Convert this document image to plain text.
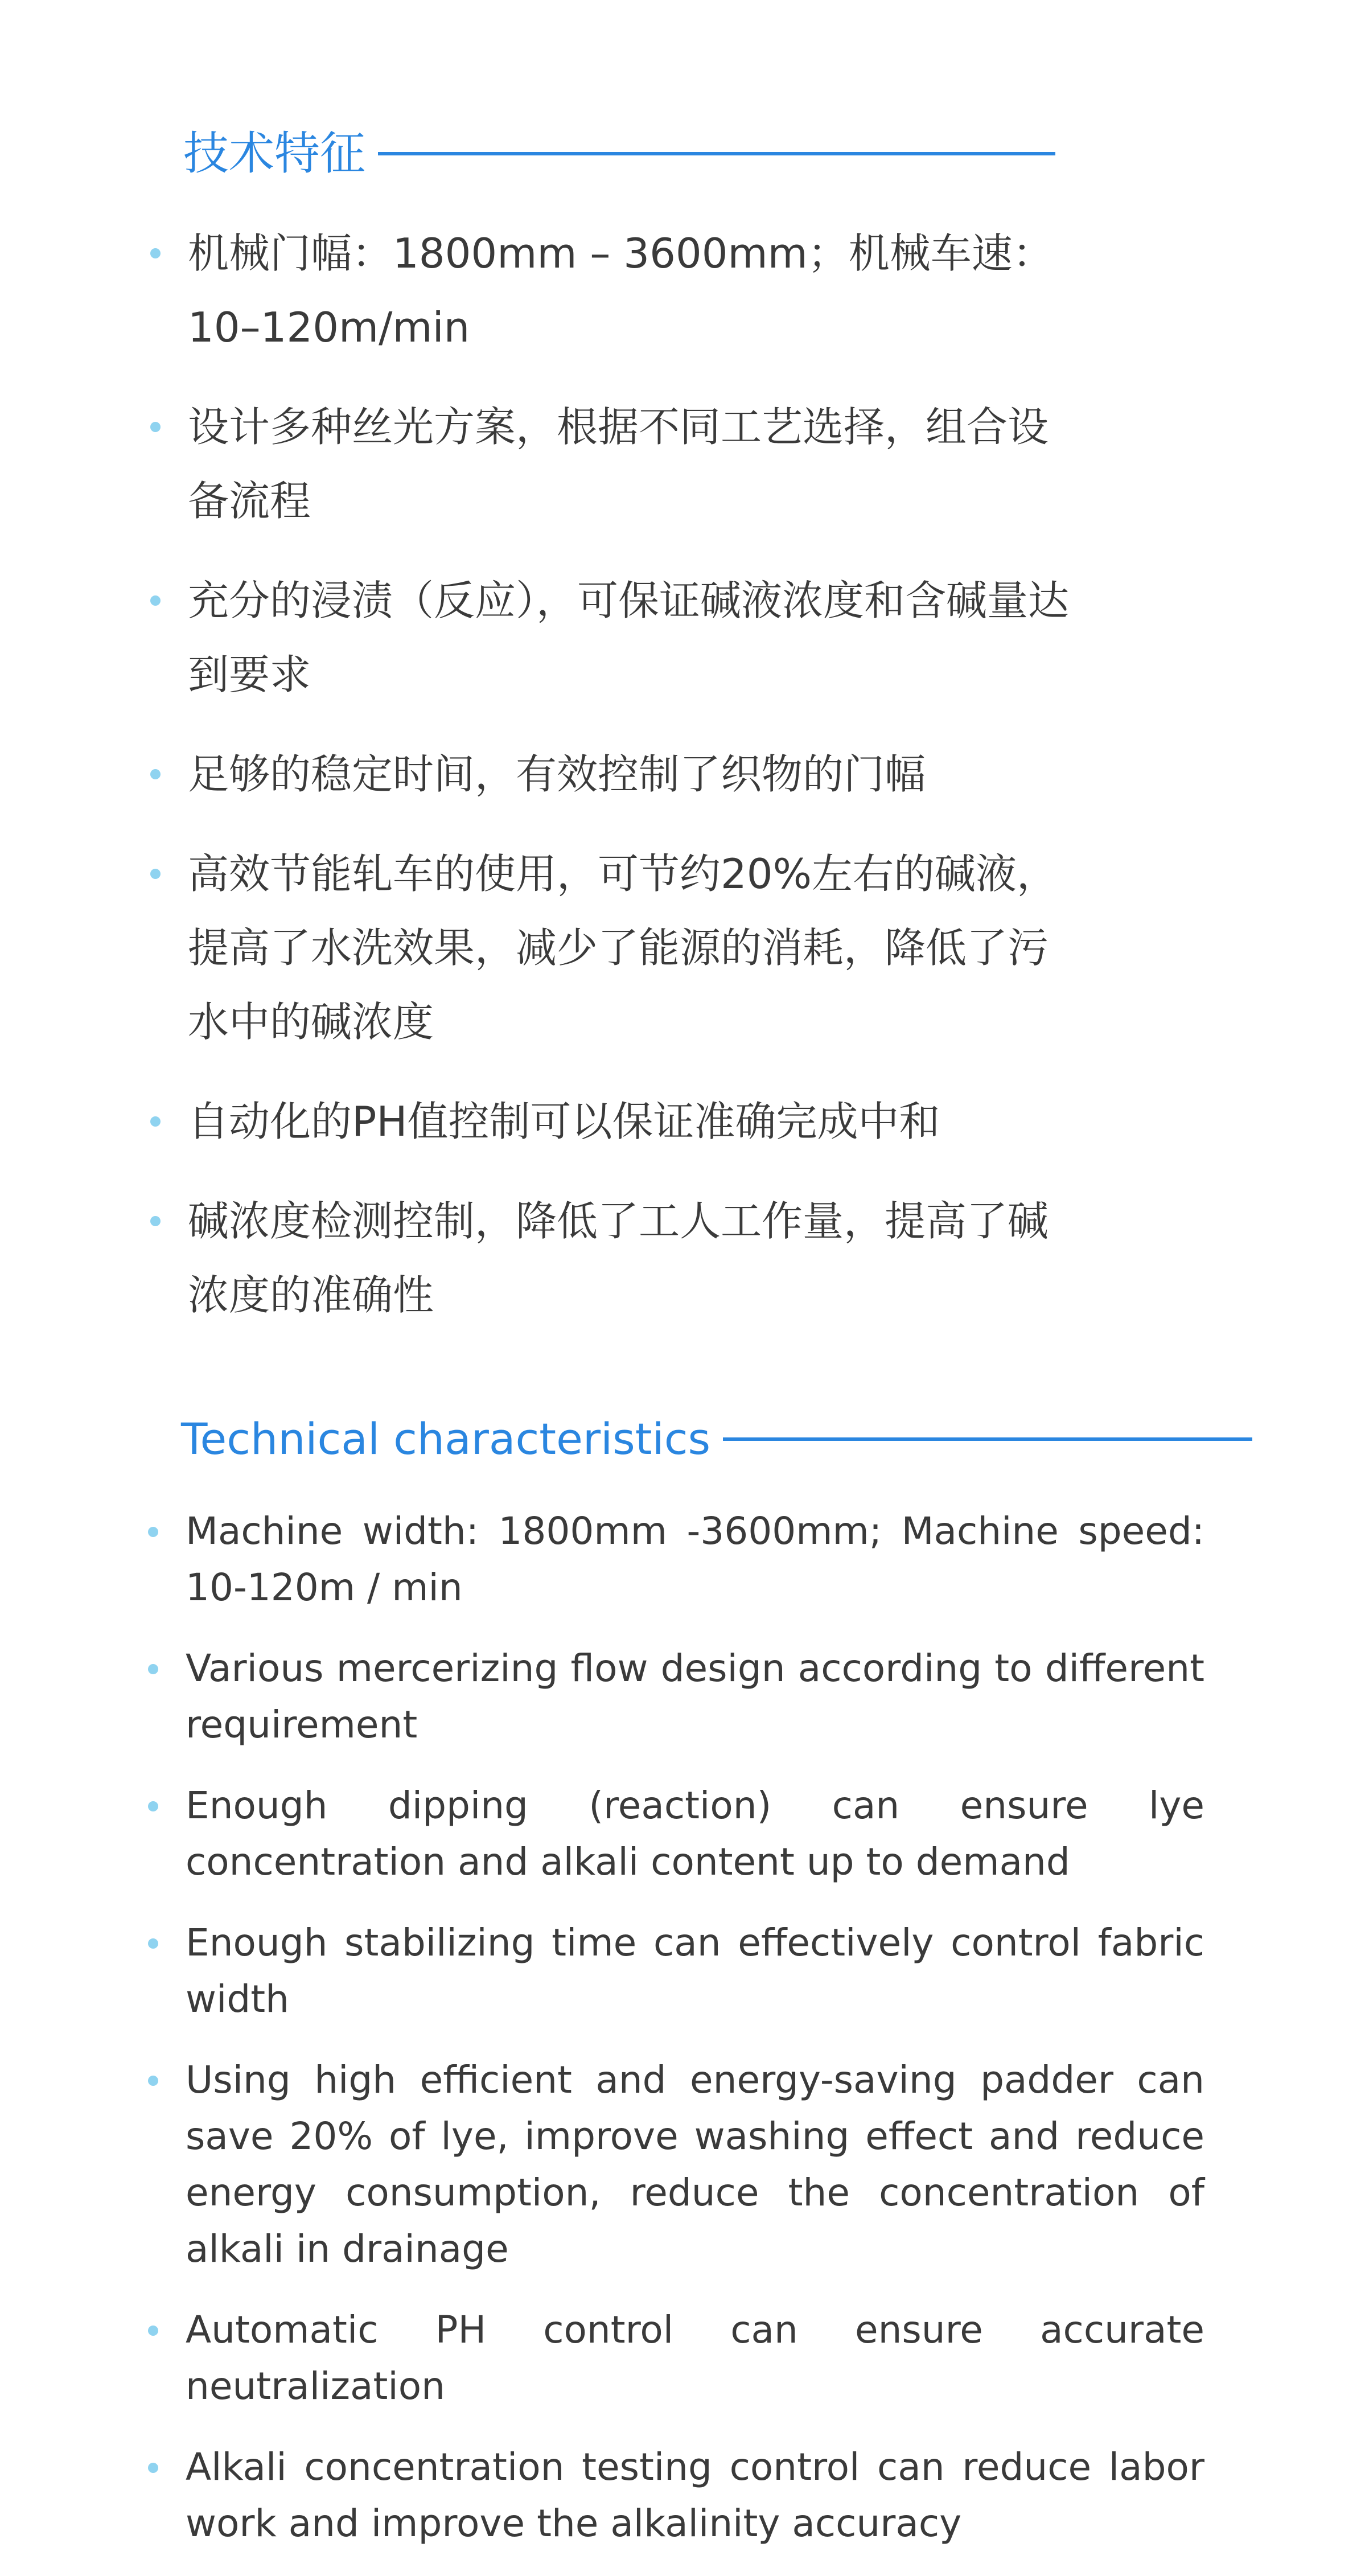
技术特征
机械门幅：1800mm – 3600mm；机械车速：10–120m/min
设计多种丝光方案，根据不同工艺选择，组合设备流程
充分的浸渍（反应），可保证碱液浓度和含碱量达到要求
足够的稳定时间，有效控制了织物的门幅
高效节能轧车的使用，可节约20%左右的碱液，提高了水洗效果，减少了能源的消耗，降低了污水中的碱浓度
自动化的PH值控制可以保证准确完成中和
碱浓度检测控制，降低了工人工作量，提高了碱浓度的准确性
Technical characteristics
Machine width: 1800mm -3600mm; Machine speed: 10-120m / min
Various mercerizing flow design according to different requirement
Enough dipping (reaction) can ensure lye concentration and alkali content up to demand
Enough stabilizing time can effectively control fabric width
Using high efficient and energy-saving padder can save 20% of lye, improve washing effect and reduce energy consumption, reduce the concentration of alkali in drainage
Automatic PH control can ensure accurate neutralization
Alkali concentration testing control can reduce labor work and improve the alkalinity accuracy
